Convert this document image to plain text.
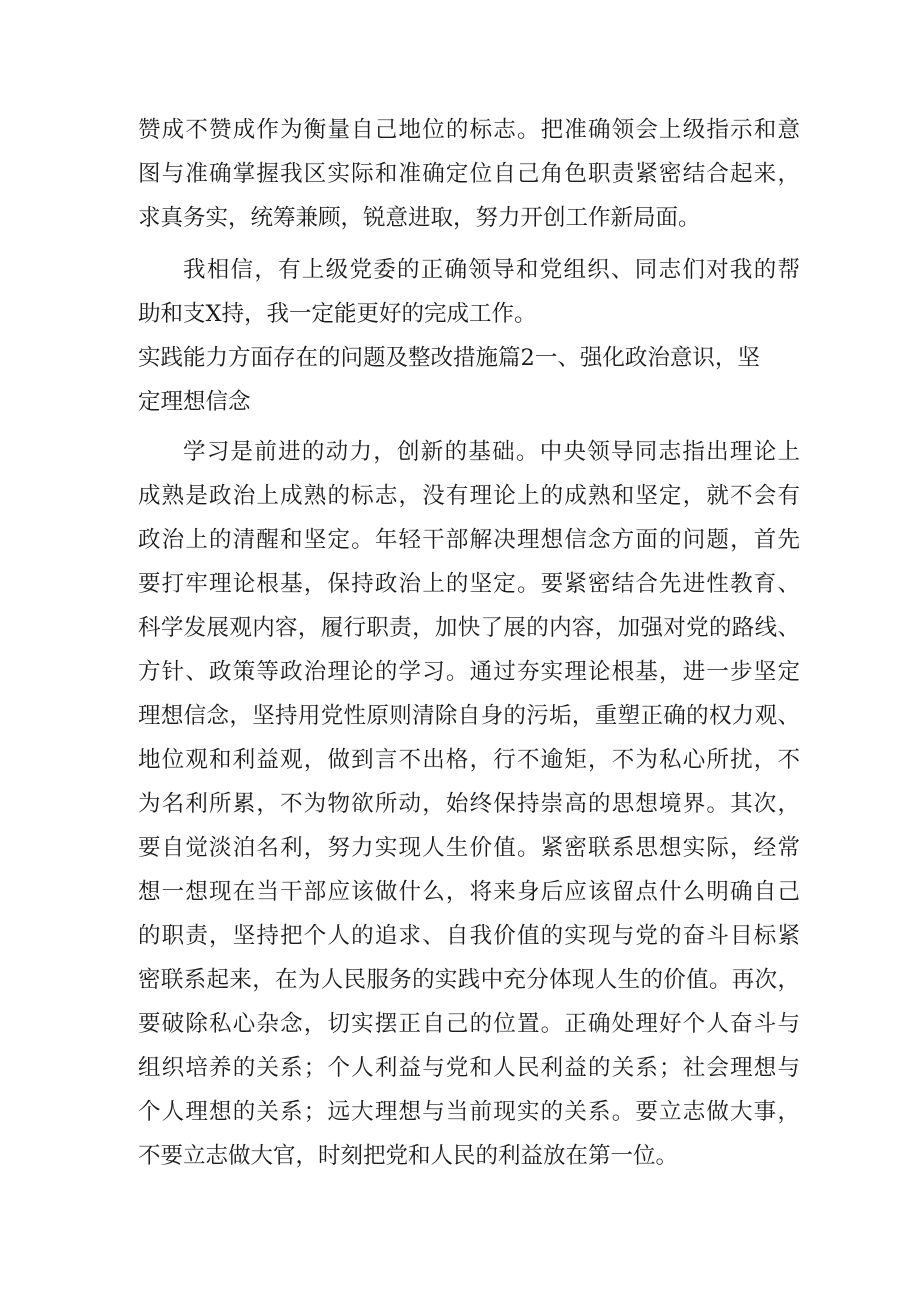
赞成不赞成作为衡量自己地位的标志。把准确领会上级指示和意
图与准确掌握我区实际和准确定位自己角色职责紧密结合起来，
求真务实，统筹兼顾，锐意进取，努力开创工作新局面。
我相信，有上级党委的正确领导和党组织、同志们对我的帮
助和支X持，我一定能更好的完成工作。
实践能力方面存在的问题及整改措施篇2一、强化政治意识，坚
定理想信念
学习是前进的动力，创新的基础。中央领导同志指出理论上
成熟是政治上成熟的标志，没有理论上的成熟和坚定，就不会有
政治上的清醒和坚定。年轻干部解决理想信念方面的问题，首先
要打牢理论根基，保持政治上的坚定。要紧密结合先进性教育、
科学发展观内容，履行职责，加快了展的内容，加强对党的路线、
方针、政策等政治理论的学习。通过夯实理论根基，进一步坚定
理想信念，坚持用党性原则清除自身的污垢，重塑正确的权力观、
地位观和利益观，做到言不出格，行不逾矩，不为私心所扰，不
为名利所累，不为物欲所动，始终保持崇高的思想境界。其次，
要自觉淡泊名利，努力实现人生价值。紧密联系思想实际，经常
想一想现在当干部应该做什么，将来身后应该留点什么明确自己
的职责，坚持把个人的追求、自我价值的实现与党的奋斗目标紧
密联系起来，在为人民服务的实践中充分体现人生的价值。再次，
要破除私心杂念，切实摆正自己的位置。正确处理好个人奋斗与
组织培养的关系；个人利益与党和人民利益的关系；社会理想与
个人理想的关系；远大理想与当前现实的关系。要立志做大事，
不要立志做大官，时刻把党和人民的利益放在第一位。
